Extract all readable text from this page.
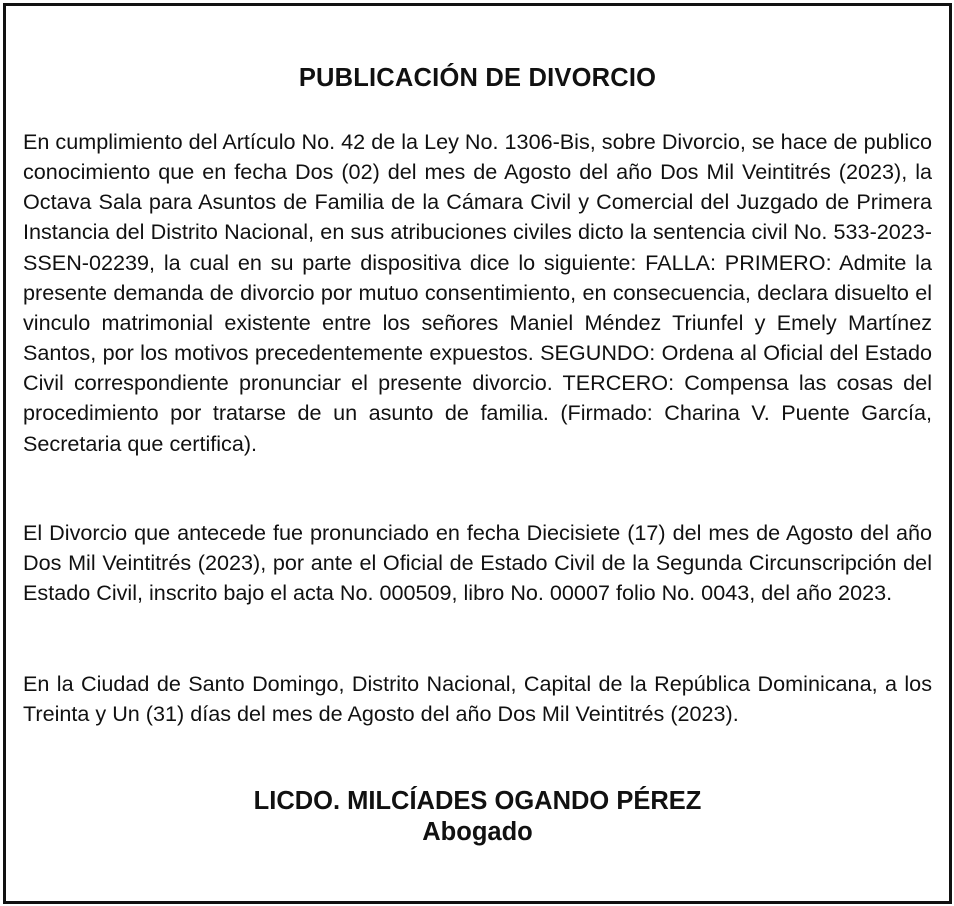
PUBLICACIÓN DE DIVORCIO

En cumplimiento del Artículo No. 42 de la Ley No. 1306-Bis, sobre Divorcio, se hace de publico conocimiento que en fecha Dos (02) del mes de Agosto del año Dos Mil Veintitrés (2023), la Octava Sala para Asuntos de Familia de la Cámara Civil y Comercial del Juzgado de Primera Instancia del Distrito Nacional, en sus atribuciones civiles dicto la sentencia civil No. 533-2023-SSEN-02239, la cual en su parte dispositiva dice lo siguiente: FALLA: PRIMERO: Admite la presente demanda de divorcio por mutuo consentimiento, en consecuencia, declara disuelto el vinculo matrimonial existente entre los señores Maniel Méndez Triunfel y Emely Martínez Santos, por los motivos precedentemente expuestos. SEGUNDO: Ordena al Oficial del Estado Civil correspondiente pronunciar el presente divorcio. TERCERO: Compensa las cosas del procedimiento por tratarse de un asunto de familia. (Firmado: Charina V. Puente García, Secretaria que certifica).

El Divorcio que antecede fue pronunciado en fecha Diecisiete (17) del mes de Agosto del año Dos Mil Veintitrés (2023), por ante el Oficial de Estado Civil de la Segunda Circunscripción del Estado Civil, inscrito bajo el acta No. 000509, libro No. 00007 folio No. 0043, del año 2023.

En la Ciudad de Santo Domingo, Distrito Nacional, Capital de la República Dominicana, a los Treinta y Un (31) días del mes de Agosto del año Dos Mil Veintitrés (2023).

LICDO. MILCÍADES OGANDO PÉREZ
Abogado
